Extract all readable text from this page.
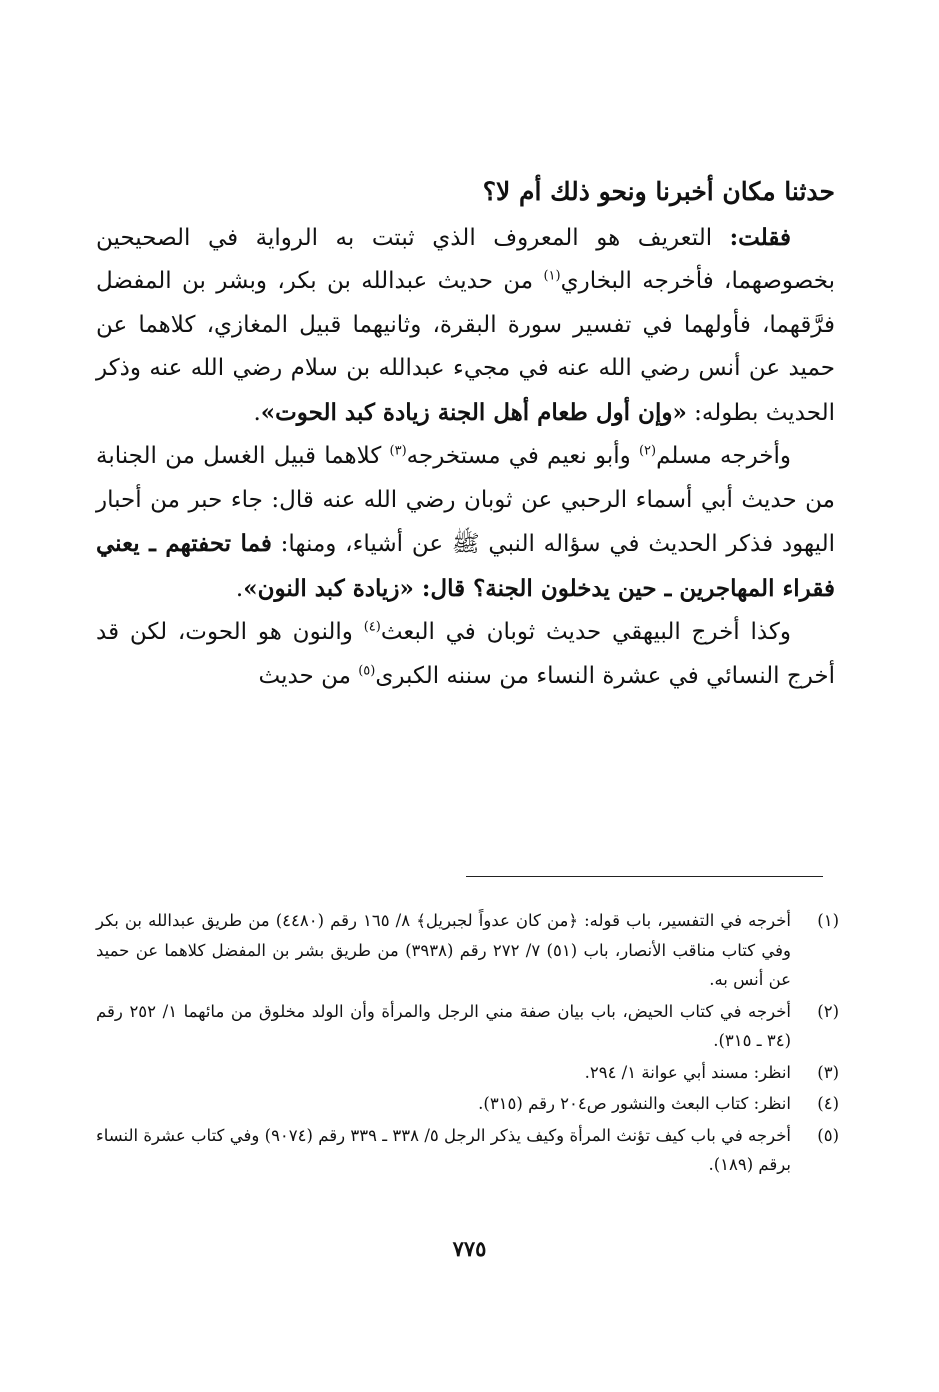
حدثنا مكان أخبرنا ونحو ذلك أم لا؟

فقلت: التعريف هو المعروف الذي ثبتت به الرواية في الصحيحين بخصوصهما، فأخرجه البخاري$^{(١)}$ من حديث عبدالله بن بكر، وبشر بن المفضل فرَّقهما، فأولهما في تفسير سورة البقرة، وثانيهما قبيل المغازي، كلاهما عن حميد عن أنس رضي الله عنه في مجيء عبدالله بن سلام رضي الله عنه وذكر الحديث بطوله: «وإن أول طعام أهل الجنة زيادة كبد الحوت».

وأخرجه مسلم$^{(٢)}$ وأبو نعيم في مستخرجه$^{(٣)}$ كلاهما قبيل الغسل من الجنابة من حديث أبي أسماء الرحبي عن ثوبان رضي الله عنه قال: جاء حبر من أحبار اليهود فذكر الحديث في سؤاله النبي ﷺ عن أشياء، ومنها: فما تحفتهم ـ يعني فقراء المهاجرين ـ حين يدخلون الجنة؟ قال: «زيادة كبد النون».

وكذا أخرج البيهقي حديث ثوبان في البعث$^{(٤)}$ والنون هو الحوت، لكن قد أخرج النسائي في عشرة النساء من سننه الكبرى$^{(٥)}$ من حديث

(١)
أخرجه في التفسير، باب قوله: ﴿من كان عدواً لجبريل﴾ ٨/ ١٦٥ رقم (٤٤٨٠) من طريق عبدالله بن بكر وفي كتاب مناقب الأنصار، باب (٥١) ٧/ ٢٧٢ رقم (٣٩٣٨) من طريق بشر بن المفضل كلاهما عن حميد عن أنس به.
(٢)
أخرجه في كتاب الحيض، باب بيان صفة مني الرجل والمرأة وأن الولد مخلوق من مائهما ١/ ٢٥٢ رقم (٣٤ ـ ٣١٥).
(٣)
انظر: مسند أبي عوانة ١/ ٢٩٤.
(٤)
انظر: كتاب البعث والنشور ص٢٠٤ رقم (٣١٥).
(٥)
أخرجه في باب كيف تؤنث المرأة وكيف يذكر الرجل ٥/ ٣٣٨ ـ ٣٣٩ رقم (٩٠٧٤) وفي كتاب عشرة النساء برقم (١٨٩).
٧٧٥
